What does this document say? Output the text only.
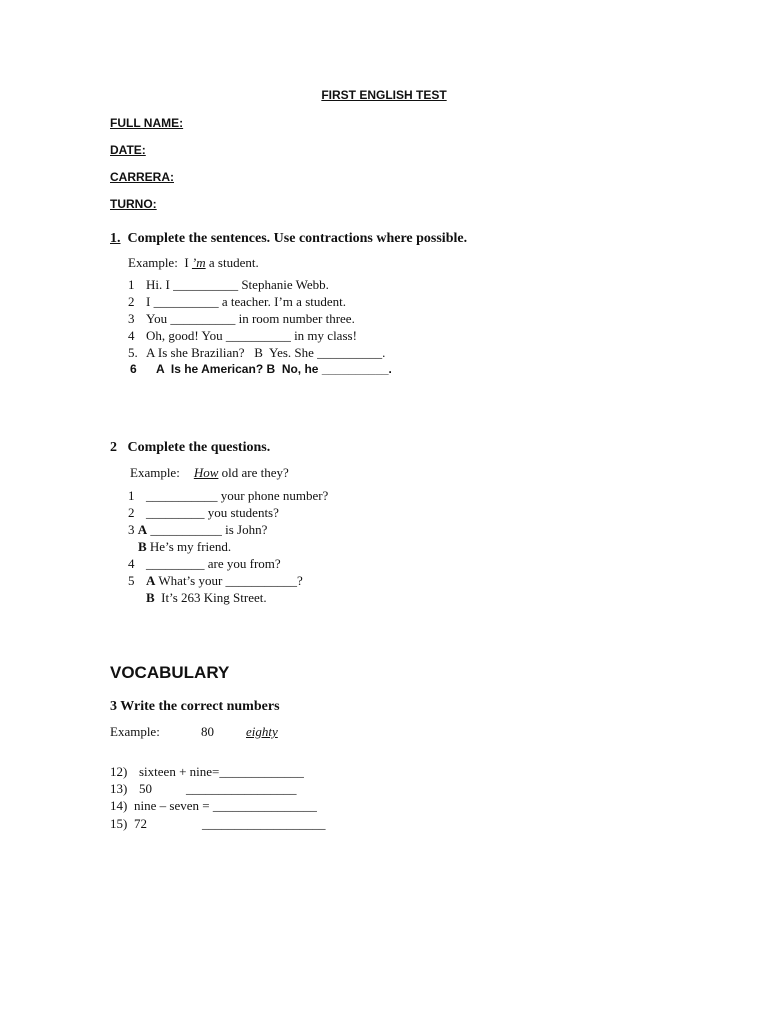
FIRST ENGLISH TEST
FULL NAME:
DATE:
CARRERA:
TURNO:
1. Complete the sentences. Use contractions where possible.
Example: I ’m a student.
1 Hi. I __________ Stephanie Webb.
2 I __________ a teacher. I’m a student.
3 You __________ in room number three.
4 Oh, good! You __________ in my class!
5. A Is she Brazilian?   B  Yes. She __________.
6 A  Is he American? B  No, he __________.
2 Complete the questions.
Example: How old are they?
1 ___________ your phone number?
2 _________ you students?
3 A ___________ is John?
B He’s my friend.
4 _________ are you from?
5 A What’s your ___________?
B  It’s 263 King Street.
VOCABULARY
3 Write the correct numbers
Example:	80 eighty
12) sixteen + nine=_____________
13) 50	_________________
14) nine – seven = ________________
15) 72	___________________
